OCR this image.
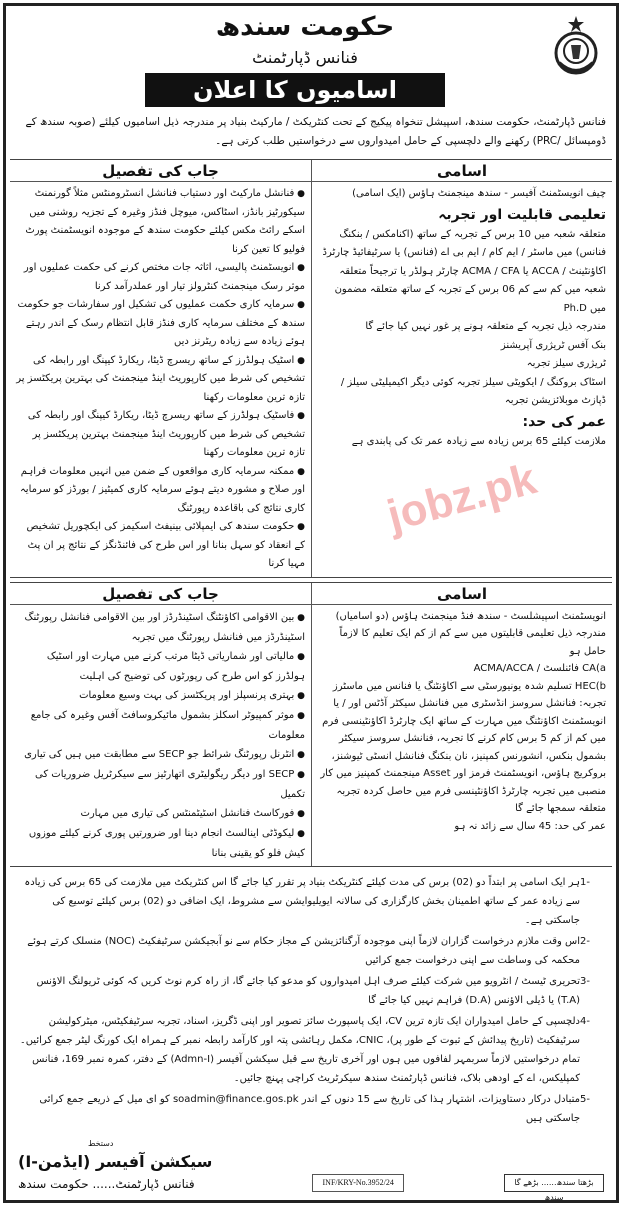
حکومت سندھ
فنانس ڈپارٹمنٹ
اسامیوں کا اعلان
فنانس ڈپارٹمنٹ، حکومت سندھ، اسپیشل تنخواہ پیکیج کے تحت کنٹریکٹ / مارکیٹ بنیاد پر مندرجہ ذیل اسامیوں کیلئے (صوبہ سندھ کے ڈومیسائل /PRC) رکھنے والے دلچسپی کے حامل امیدواروں سے درخواستیں طلب کرتی ہے۔
اسامی
چیف انویسٹمنٹ آفیسر - سندھ مینجمنٹ ہاؤس (ایک اسامی)
تعلیمی قابلیت اور تجربہ
متعلقہ شعبہ میں 10 برس کے تجربہ کے ساتھ (اکنامکس / بنکنگ فنانس) میں ماسٹر / ایم کام / ایم بی اے (فنانس) یا سرٹیفائیڈ چارٹرڈ اکاؤنٹینٹ / ACCA یا ACMA / CFA چارٹر ہولڈر یا ترجیحاً متعلقہ شعبہ میں کم سے کم 06 برس کے تجربہ کے ساتھ متعلقہ مضمون میں Ph.D
مندرجہ ذیل تجربہ کے متعلقہ ہونے پر غور نہیں کیا جائے گا
بنک آفس ٹریژری آپریشنز
ٹریژری سیلز تجربہ
اسٹاک بروکنگ / ایکویٹی سیلز تجربہ کوئی دیگر اکیمیلیٹی سیلز / ڈپازٹ موبلائزیشن تجربہ
عمر کی حد:
ملازمت کیلئے 65 برس زیادہ سے زیادہ عمر تک کی پابندی ہے
jobz.pk
جاب کی تفصیل
● فنانشل مارکیٹ اور دستیاب فنانشل انسٹرومنٹس مثلاً گورنمنٹ سیکورٹیز بانڈز، اسٹاکس، میوچل فنڈز وغیرہ کے تجزیہ روشنی میں اسکے رائٹ مکس کیلئے حکومت سندھ کے موجودہ انویسٹمنٹ پورٹ فولیو کا تعین کرنا
● انویسٹمنٹ پالیسی، اثاثہ جات مختص کرنے کی حکمت عملیوں اور موثر رسک مینجمنٹ کنٹرولز تیار اور عملدرآمد کرنا
● سرمایہ کاری حکمت عملیوں کی تشکیل اور سفارشات جو حکومت سندھ کے مختلف سرمایہ کاری فنڈز قابل انتظام رسک کے اندر رہتے ہوئے زیادہ سے زیادہ ریٹرنز دیں
● اسٹیک ہولڈرز کے ساتھ ریسرچ ڈیٹا، ریکارڈ کیپنگ اور رابطہ کی تشخیص کی شرط میں کارپوریٹ اینڈ مینجمنٹ کی بہترین پریکٹسز پر تازہ ترین معلومات رکھنا
● فاسٹیک ہولڈرز کے ساتھ ریسرچ ڈیٹا، ریکارڈ کیپنگ اور رابطہ کی تشخیص کی شرط میں کارپوریٹ اینڈ مینجمنٹ بہترین پریکٹسز پر تازہ ترین معلومات رکھنا
● ممکنہ سرمایہ کاری مواقعوں کے ضمن میں انہیں معلومات فراہم اور صلاح و مشورہ دیتے ہوئے سرمایہ کاری کمیٹیز / بورڈز کو سرمایہ کاری نتائج کی باقاعدہ رپورٹنگ
● حکومت سندھ کی ایمپلائی بینیفٹ اسکیمز کی ایکچوریل تشخیص کے انعقاد کو سہل بنانا اور اس طرح کی فائنڈنگز کے نتائج پر ان پٹ مہیا کرنا
اسامی
انویسٹمنٹ اسپیشلسٹ - سندھ فنڈ مینجمنٹ ہاؤس (دو اسامیاں)
مندرجہ ذیل تعلیمی قابلیتوں میں سے کم از کم ایک تعلیم کا لازماً حامل ہو
CA(a فائنلسٹ / ACMA/ACCA
HEC(b تسلیم شدہ یونیورسٹی سے اکاؤنٹنگ یا فنانس میں ماسٹرز
تجربہ: فنانشل سروسز انڈسٹری میں فنانشل سیکٹر آڈٹس اور / یا انویسٹمنٹ اکاؤنٹنگ میں مہارت کے ساتھ ایک چارٹرڈ اکاؤنٹینسی فرم میں کم از کم 5 برس کام کرنے کا تجربہ، فنانشل سروسز سیکٹر بشمول بنکس، انشورنس کمپنیز، نان بنکنگ فنانشل انسٹی ٹیوشنز، بروکریج ہاؤس، انویسٹمنٹ فرمز اور Asset مینجمنٹ کمپنیز میں کار منصبی میں تجربہ چارٹرڈ اکاؤنٹینسی فرم میں حاصل کردہ تجربہ متعلقہ سمجھا جائے گا
عمر کی حد: 45 سال سے زائد نہ ہو
جاب کی تفصیل
● بین الاقوامی اکاؤنٹنگ اسٹینڈرڈز اور بین الاقوامی فنانشل رپورٹنگ اسٹینڈرڈز میں فنانشل رپورٹنگ میں تجربہ
● مالیاتی اور شماریاتی ڈیٹا مرتب کرنے میں مہارت اور اسٹیک ہولڈرز کو اس طرح کی رپورٹوں کی توضیح کی اہلیت
● بہتری پرنسپلز اور پریکٹسز کی بہت وسیع معلومات
● موثر کمپیوٹر اسکلز بشمول مائیکروسافٹ آفس وغیرہ کی جامع معلومات
● انٹرنل رپورٹنگ شرائط جو SECP سے مطابقت میں ہیں کی تیاری
● SECP اور دیگر ریگولیٹری اتھارٹیز سے سیکرٹریل ضروریات کی تکمیل
● فورکاسٹ فنانشل اسٹیٹمنٹس کی تیاری میں مہارت
● لیکوڈٹی اینالسٹ انجام دینا اور ضرورتیں پوری کرنے کیلئے موزوں کیش فلو کو یقینی بنانا
-1
ہر ایک اسامی پر ابتداً دو (02) برس کی مدت کیلئے کنٹریکٹ بنیاد پر تقرر کیا جائے گا اس کنٹریکٹ میں ملازمت کی 65 برس کی زیادہ سے زیادہ عمر کے ساتھ اطمینان بخش کارگزاری کی سالانہ ایویلیوایشن سے مشروط، ایک اضافی دو (02) برس کیلئے توسیع کی جاسکتی ہے۔
-2
اس وقت ملازم درخواست گزاران لازماً اپنی موجودہ آرگنائزیشن کے مجاز حکام سے نو آبجیکشن سرٹیفکیٹ (NOC) منسلک کرتے ہوئے محکمہ کی وساطت سے اپنی درخواست جمع کرائیں
-3
تحریری ٹیسٹ / انٹرویو میں شرکت کیلئے صرف اہل امیدواروں کو مدعو کیا جائے گا، از راہ کرم نوٹ کریں کہ کوئی ٹریولنگ الاؤنس (T.A) یا ڈیلی الاؤنس (D.A) فراہم نہیں کیا جائے گا
-4
دلچسپی کے حامل امیدواران ایک تازہ ترین CV، ایک پاسپورٹ سائز تصویر اور اپنی ڈگریز، اسناد، تجربہ سرٹیفکیٹس، میٹرکولیشن سرٹیفکیٹ (تاریخ پیدائش کے ثبوت کے طور پر)، CNIC، مکمل رہائشی پتہ اور کارآمد رابطہ نمبر کے ہمراہ ایک کورنگ لیٹر جمع کرائیں۔ تمام درخواستیں لازماً سربمہر لفافوں میں ہوں اور آخری تاریخ سے قبل سیکشن آفیسر (Admn-I) کے دفتر، کمرہ نمبر 169، فنانس کمپلیکس، اے کے اودھی بلاک، فنانس ڈپارٹمنٹ سندھ سیکرٹریٹ کراچی پہنچ جائیں۔
-5
متبادل درکار دستاویزات، اشتہار ہذا کی تاریخ سے 15 دنوں کے اندر soadmin@finance.gos.pk کو ای میل کے ذریعے جمع کرائی جاسکتی ہیں
دستخط
سیکشن آفیسر (ایڈمن-I)
فنانس ڈپارٹمنٹ...... حکومت سندھ	INF/KRY-No.3952/24	بڑھتا سندھ...... بڑھے گا سندھ
